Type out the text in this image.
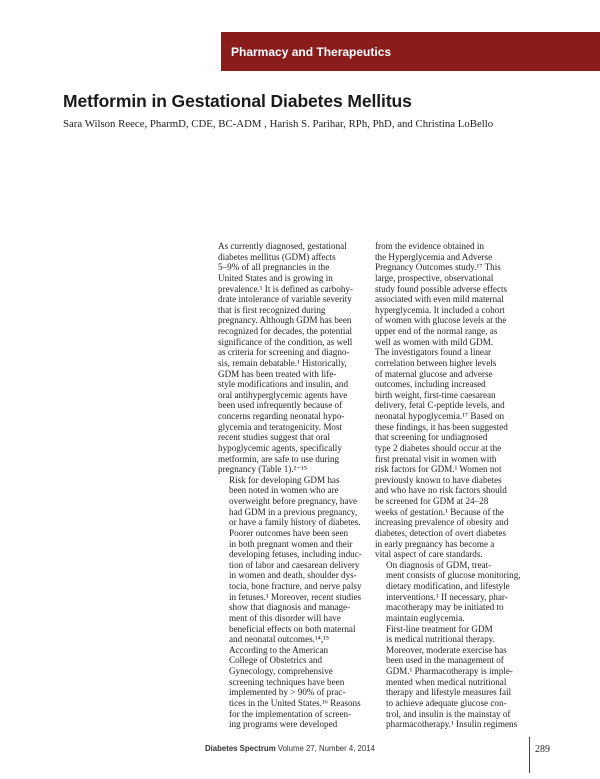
Pharmacy and Therapeutics
Metformin in Gestational Diabetes Mellitus
Sara Wilson Reece, PharmD, CDE, BC-ADM , Harish S. Parihar, RPh, PhD, and Christina LoBello

As currently diagnosed, gestational
diabetes mellitus (GDM) affects
5–9% of all pregnancies in the
United States and is growing in
prevalence.¹ It is defined as carbohy-
drate intolerance of variable severity
that is first recognized during
pregnancy. Although GDM has been
recognized for decades, the potential
significance of the condition, as well
as criteria for screening and diagno-
sis, remain debatable.¹ Historically,
GDM has been treated with life-
style modifications and insulin, and
oral antihyperglycemic agents have
been used infrequently because of
concerns regarding neonatal hypo-
glycemia and teratogenicity. Most
recent studies suggest that oral
hypoglycemic agents, specifically
metformin, are safe to use during
pregnancy (Table 1).²⁻¹⁵

Risk for developing GDM has
been noted in women who are
overweight before pregnancy, have
had GDM in a previous pregnancy,
or have a family history of diabetes.
Poorer outcomes have been seen
in both pregnant women and their
developing fetuses, including induc-
tion of labor and caesarean delivery
in women and death, shoulder dys-
tocia, bone fracture, and nerve palsy
in fetuses.¹ Moreover, recent studies
show that diagnosis and manage-
ment of this disorder will have
beneficial effects on both maternal
and neonatal outcomes.¹⁴,¹⁵

According to the American
College of Obstetrics and
Gynecology, comprehensive
screening techniques have been
implemented by > 90% of prac-
tices in the United States.¹⁶ Reasons
for the implementation of screen-
ing programs were developed

from the evidence obtained in
the Hyperglycemia and Adverse
Pregnancy Outcomes study.¹⁷ This
large, prospective, observational
study found possible adverse effects
associated with even mild maternal
hyperglycemia. It included a cohort
of women with glucose levels at the
upper end of the normal range, as
well as women with mild GDM.
The investigators found a linear
correlation between higher levels
of maternal glucose and adverse
outcomes, including increased
birth weight, first-time caesarean
delivery, fetal C-peptide levels, and
neonatal hypoglycemia.¹⁷ Based on
these findings, it has been suggested
that screening for undiagnosed
type 2 diabetes should occur at the
first prenatal visit in women with
risk factors for GDM.¹ Women not
previously known to have diabetes
and who have no risk factors should
be screened for GDM at 24–28
weeks of gestation.¹ Because of the
increasing prevalence of obesity and
diabetes, detection of overt diabetes
in early pregnancy has become a
vital aspect of care standards.

On diagnosis of GDM, treat-
ment consists of glucose monitoring,
dietary modification, and lifestyle
interventions.¹ If necessary, phar-
macotherapy may be initiated to
maintain euglycemia.

First-line treatment for GDM
is medical nutritional therapy.
Moreover, moderate exercise has
been used in the management of
GDM.¹ Pharmacotherapy is imple-
mented when medical nutritional
therapy and lifestyle measures fail
to achieve adequate glucose con-
trol, and insulin is the mainstay of
pharmacotherapy.¹ Insulin regimens

Diabetes Spectrum Volume 27, Number 4, 2014	289
